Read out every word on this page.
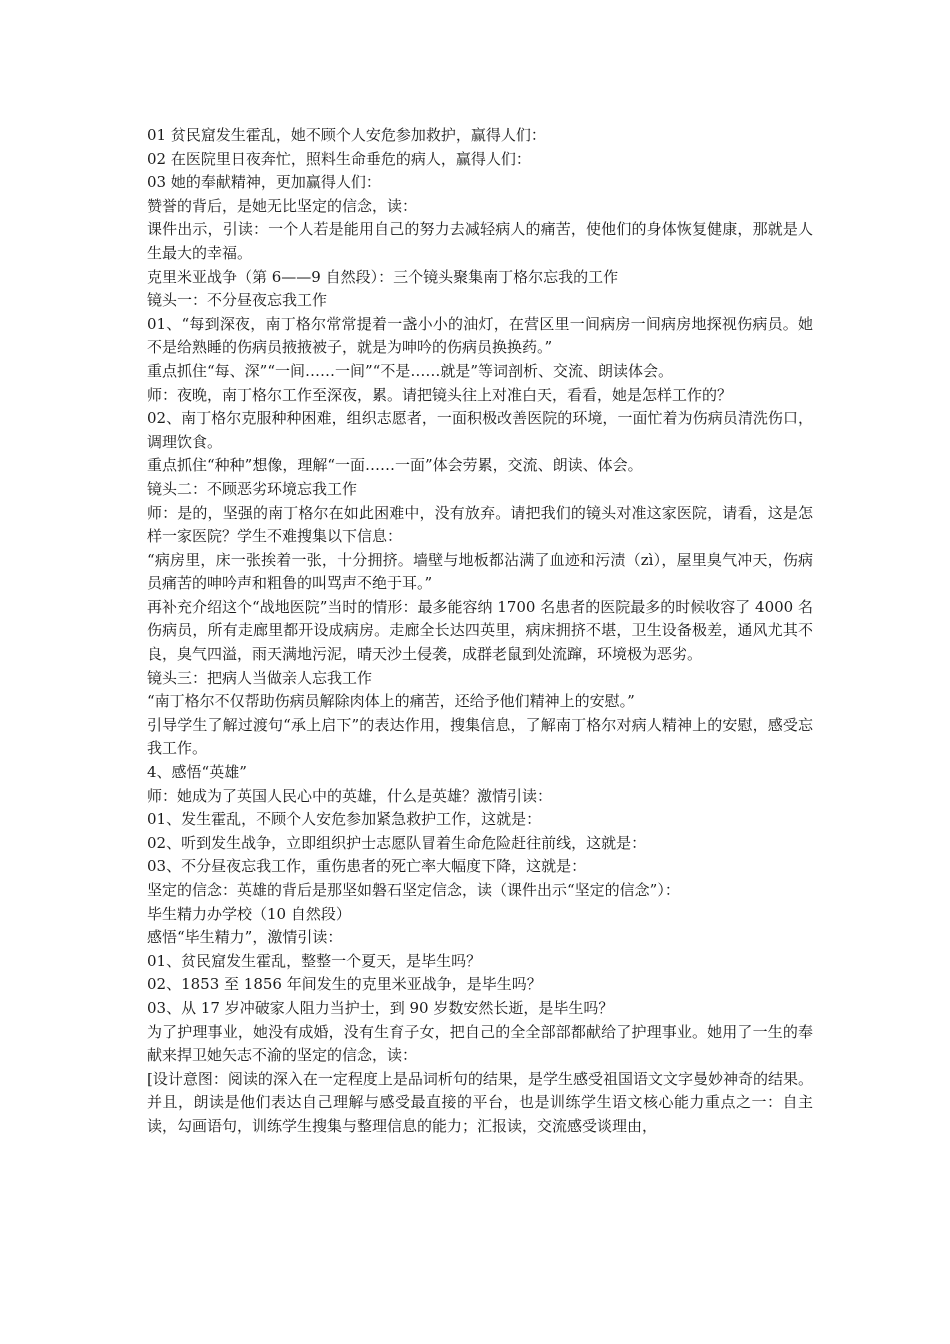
01 贫民窟发生霍乱，她不顾个人安危参加救护，赢得人们：

02 在医院里日夜奔忙，照料生命垂危的病人，赢得人们：

03 她的奉献精神，更加赢得人们：

赞誉的背后，是她无比坚定的信念，读：

课件出示，引读：一个人若是能用自己的努力去减轻病人的痛苦，使他们的身体恢复健康，那就是人生最大的幸福。

克里米亚战争（第 6——9 自然段）：三个镜头聚集南丁格尔忘我的工作

镜头一：不分昼夜忘我工作

01、“每到深夜，南丁格尔常常提着一盏小小的油灯，在营区里一间病房一间病房地探视伤病员。她不是给熟睡的伤病员掖掖被子，就是为呻吟的伤病员换换药。”

重点抓住“每、深”“一间……一间”“不是……就是”等词剖析、交流、朗读体会。

师：夜晚，南丁格尔工作至深夜，累。请把镜头往上对准白天，看看，她是怎样工作的？

02、南丁格尔克服种种困难，组织志愿者，一面积极改善医院的环境，一面忙着为伤病员清洗伤口，调理饮食。

重点抓住“种种”想像，理解“一面……一面”体会劳累，交流、朗读、体会。

镜头二：不顾恶劣环境忘我工作

师：是的，坚强的南丁格尔在如此困难中，没有放弃。请把我们的镜头对准这家医院，请看，这是怎样一家医院？学生不难搜集以下信息：

“病房里，床一张挨着一张，十分拥挤。墙壁与地板都沾满了血迹和污渍（zì），屋里臭气冲天，伤病员痛苦的呻吟声和粗鲁的叫骂声不绝于耳。”

再补充介绍这个“战地医院”当时的情形：最多能容纳 1700 名患者的医院最多的时候收容了 4000 名伤病员，所有走廊里都开设成病房。走廊全长达四英里，病床拥挤不堪，卫生设备极差，通风尤其不良，臭气四溢，雨天满地污泥，晴天沙土侵袭，成群老鼠到处流蹿，环境极为恶劣。

镜头三：把病人当做亲人忘我工作

“南丁格尔不仅帮助伤病员解除肉体上的痛苦，还给予他们精神上的安慰。”

引导学生了解过渡句“承上启下”的表达作用，搜集信息，了解南丁格尔对病人精神上的安慰，感受忘我工作。

4、感悟“英雄”

师：她成为了英国人民心中的英雄，什么是英雄？激情引读：

01、发生霍乱，不顾个人安危参加紧急救护工作，这就是：

02、听到发生战争，立即组织护士志愿队冒着生命危险赶往前线，这就是：

03、不分昼夜忘我工作，重伤患者的死亡率大幅度下降，这就是：

坚定的信念：英雄的背后是那坚如磐石坚定信念，读（课件出示“坚定的信念”）：

毕生精力办学校（10 自然段）

感悟“毕生精力”，激情引读：

01、贫民窟发生霍乱，整整一个夏天，是毕生吗？

02、1853 至 1856 年间发生的克里米亚战争，是毕生吗？

03、从 17 岁冲破家人阻力当护士，到 90 岁数安然长逝，是毕生吗？

为了护理事业，她没有成婚，没有生育子女，把自己的全全部部都献给了护理事业。她用了一生的奉献来捍卫她矢志不渝的坚定的信念，读：

[设计意图：阅读的深入在一定程度上是品词析句的结果，是学生感受祖国语文文字曼妙神奇的结果。并且，朗读是他们表达自己理解与感受最直接的平台，也是训练学生语文核心能力重点之一：自主读，勾画语句，训练学生搜集与整理信息的能力；汇报读，交流感受谈理由，
